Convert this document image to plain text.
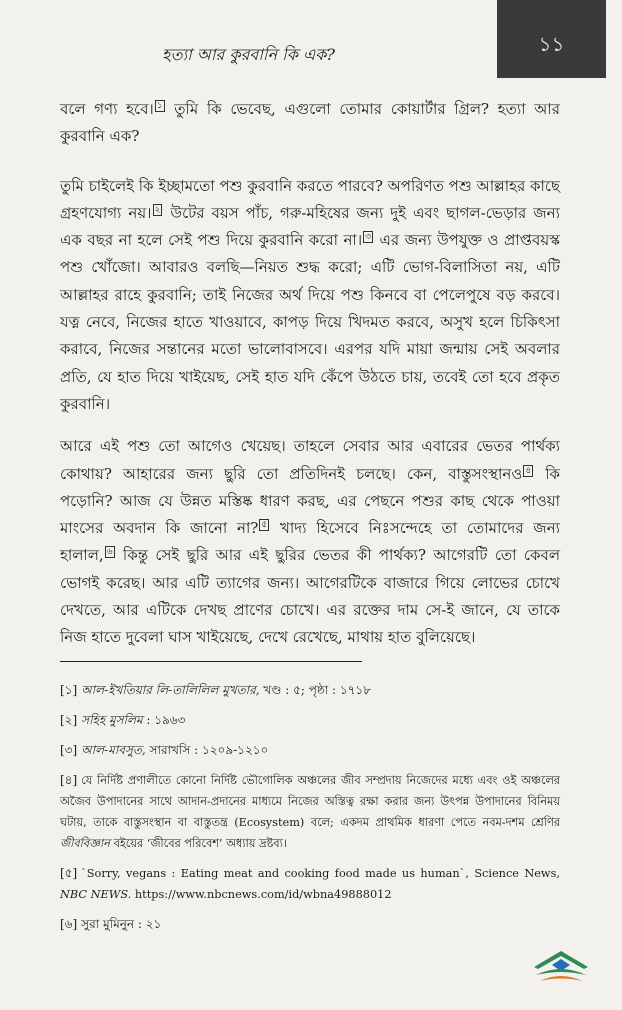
হত্যা আর কুরবানি কি এক?	১১

বলে গণ্য হবে। $^১$ তুমি কি ভেবেছ, এগুলো তোমার কোয়ার্টার গ্রিল? হত্যা আর কুরবানি এক?

তুমি চাইলেই কি ইচ্ছামতো পশু কুরবানি করতে পারবে? অপরিণত পশু আল্লাহর কাছে গ্রহণযোগ্য নয়। $^২$ উটের বয়স পাঁচ, গরু-মহিষের জন্য দুই এবং ছাগল-ভেড়ার জন্য এক বছর না হলে সেই পশু দিয়ে কুরবানি করো না। $^৩$ এর জন্য উপযুক্ত ও প্রাপ্তবয়স্ক পশু খোঁজো। আবারও বলছি—নিয়ত শুদ্ধ করো; এটি ভোগ-বিলাসিতা নয়, এটি আল্লাহর রাহে কুরবানি; তাই নিজের অর্থ দিয়ে পশু কিনবে বা পেলেপুষে বড় করবে। যত্ন নেবে, নিজের হাতে খাওয়াবে, কাপড় দিয়ে খিদমত করবে, অসুখ হলে চিকিৎসা করাবে, নিজের সন্তানের মতো ভালোবাসবে। এরপর যদি মায়া জন্মায় সেই অবলার প্রতি, যে হাত দিয়ে খাইয়েছ, সেই হাত যদি কেঁপে উঠতে চায়, তবেই তো হবে প্রকৃত কুরবানি।

আরে এই পশু তো আগেও খেয়েছ। তাহলে সেবার আর এবারের ভেতর পার্থক্য কোথায়? আহারের জন্য ছুরি তো প্রতিদিনই চলছে। কেন, বাস্তুসংস্থানও $^৪$ কি পড়োনি? আজ যে উন্নত মস্তিষ্ক ধারণ করছ, এর পেছনে পশুর কাছ থেকে পাওয়া মাংসের অবদান কি জানো না? $^৫$ খাদ্য হিসেবে নিঃসন্দেহে তা তোমাদের জন্য হালাল, $^৬$ কিন্তু সেই ছুরি আর এই ছুরির ভেতর কী পার্থক্য? আগেরটি তো কেবল ভোগই করেছ। আর এটি ত্যাগের জন্য। আগেরটিকে বাজারে গিয়ে লোভের চোখে দেখতে, আর এটিকে দেখছ প্রাণের চোখে। এর রক্তের দাম সে-ই জানে, যে তাকে নিজ হাতে দুবেলা ঘাস খাইয়েছে, দেখে রেখেছে, মাথায় হাত বুলিয়েছে।

[১] আল-ইখতিয়ার লি-তালিলিল মুখতার, খণ্ড : ৫; পৃষ্ঠা : ১৭১৮
[২] সহিহ মুসলিম : ১৯৬৩
[৩] আল-মাবসুত, সারাখসি : ১২০৯-১২১০
[৪] যে নির্দিষ্ট প্রণালীতে কোনো নির্দিষ্ট ভৌগোলিক অঞ্চলের জীব সম্প্রদায় নিজেদের মধ্যে এবং ওই অঞ্চলের অজৈব উপাদানের সাথে আদান-প্রদানের মাধ্যমে নিজের অস্তিত্ব রক্ষা করার জন্য উৎপন্ন উপাদানের বিনিময় ঘটায়, তাকে বাস্তুসংস্থান বা বাস্তুতন্ত্র (Ecosystem) বলে; একদম প্রাথমিক ধারণা পেতে নবম-দশম শ্রেণির জীববিজ্ঞান বইয়ের ‘জীবের পরিবেশ’ অধ্যায় দ্রষ্টব্য।
[৫] `Sorry, vegans : Eating meat and cooking food made us human`, Science News, NBC NEWS. https://www.nbcnews.com/id/wbna49888012
[৬] সুরা মুমিনুন : ২১
